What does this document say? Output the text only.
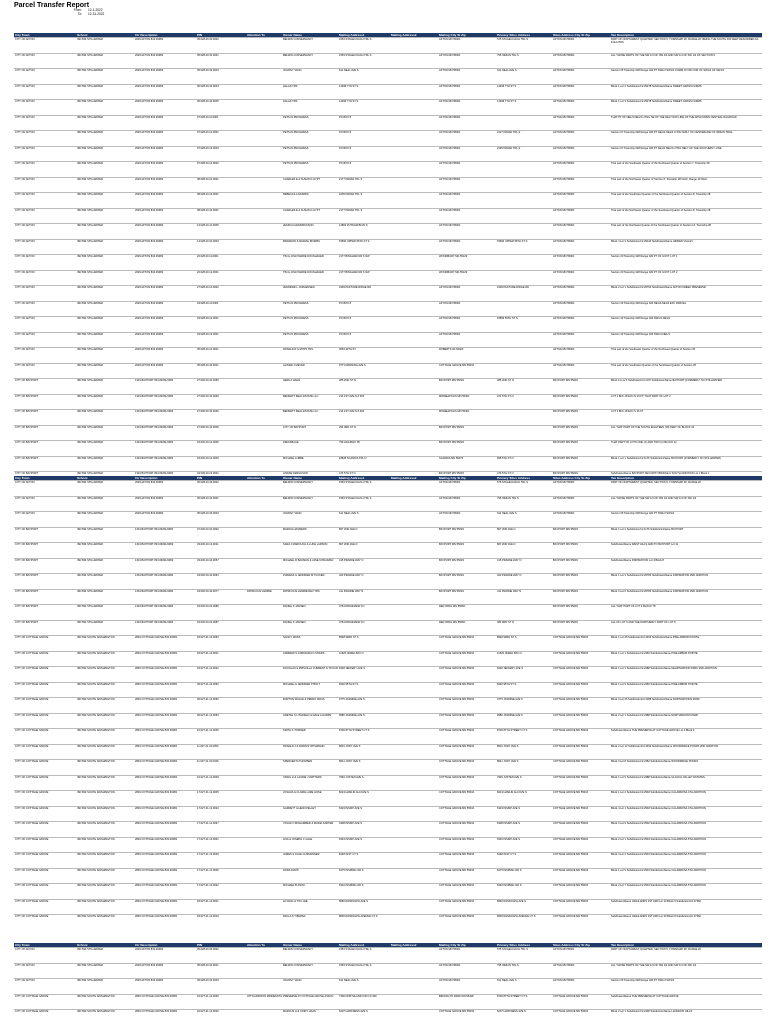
Parcel Transfer Report
From: 12-1-2022
To: 12-31-2022
City Town	School	Ctr Description	PIN	Attention To	Owner Name	Mailing Address1	Mailing Address2	Mailing City St Zip	Primary Situs Address	Situs Address City St Zip	Tax Description
CITY OF AFTON	ISD 834 STILLWATER	2029 AFTON 834 #3483	05.028.20.33.0002		BELWIN CONSERVANCY	1553 STAGECOACH TRL S		AFTON MN 55001	575 STAGECOACH TRL S	AFTON MN 55001	PART OF NORTHWEST QUARTER, SECTION 5, TOWNSHIP 28, RANGE 20; BEING THE SOUTH 330 FEET DESCRIBED AS FOLLOWS
CITY OF AFTON	ISD 834 STILLWATER	2029 AFTON 834 #3483	05.028.20.32.0001		BELWIN CONSERVANCY	1553 STAGECOACH TRL S		AFTON MN 55001	795 INDIAN TRL S	AFTON MN 55001	ALL THOSE PARTS OF THE SW 1/4 OF NW 1/4 AND SW 1/4 OF SW 1/4 OF SECTION 5
CITY OF AFTON	ISD 834 STILLWATER	2029 AFTON 834 #3483	05.028.20.33.0003		JOHNNY VANG	611 NEAL AVE S		AFTON MN 55001	611 NEAL AVE S	AFTON MN 55001	Section 05 Township 028 Range 020 PT SW1/4 SW1/4 COMM AT NW COR OF SW1/4 OF SW1/4
CITY OF AFTON	ISD 834 STILLWATER	2029 AFTON 834 #3483	06.028.20.44.0004		HALAS TRS	14936 7TH ST S		AFTON MN 55001	14936 7TH ST S	AFTON MN 55001	Block 1 Lot 2 SubdivisionCd 25278 SubdivisionName SWEET GRASS FARMS
CITY OF AFTON	ISD 834 STILLWATER	2029 AFTON 834 #3483	06.028.20.44.0005		HALAS TRS	14936 7TH ST S		AFTON MN 55001	14936 7TH ST S	AFTON MN 55001	Block 1 Lot 3 SubdivisionCd 25278 SubdivisionName SWEET GRASS FARMS
CITY OF AFTON	ISD 834 STILLWATER	2029 AFTON 834 #3483	07.028.20.11.0001		PETS IN PROGRESS	PO BOX 8		AFTON MN 55001		AFTON MN 55001	THAT PT OF NE1/4-NE1/4 LYING SE OF THE NELY R/W LINE OF THE WISCONSIN CENTRAL RAILROAD
CITY OF AFTON	ISD 834 STILLWATER	2029 AFTON 834 #3483	07.028.20.12.0001		PETS IN PROGRESS	PO BOX 8		AFTON MN 55001	2127 INDIAN TRL S	AFTON MN 55001	Section 07 Township 028 Range 020 PT NE1/4-NE1/4 LYING NWLY OF CENTERLINE OF INDIAN TRAIL
CITY OF AFTON	ISD 834 STILLWATER	2029 AFTON 834 #3483	07.028.20.13.0003		PETS IN PROGRESS	PO BOX 8		AFTON MN 55001	2135 INDIAN TRL S	AFTON MN 55001	Section 07 Township 028 Range 020 PT SE1/4 NE1/4 LYING NELY OF THE SOUTHERLY LINE
CITY OF AFTON	ISD 834 STILLWATER	2029 AFTON 834 #3483	07.028.20.14.0002		PETS IN PROGRESS	PO BOX 8		AFTON MN 55001		AFTON MN 55001	That part of the Southeast Quarter of the Northeast Quarter of Section 7, Township 28
CITY OF AFTON	ISD 834 STILLWATER	2029 AFTON 834 #3483	08.028.20.22.0001		CHARLES E & SUSAN D HYPT	2177 INDIAN TRL S		AFTON MN 55001		AFTON MN 55001	That part of the Northwest Quarter of Section 8, Township 28 North, Range 20 West
CITY OF AFTON	ISD 834 STILLWATER	2029 AFTON 834 #3483	08.028.20.23.0001		REBECCA A MORRIS	2205 INDIAN TRL S		AFTON MN 55001		AFTON MN 55001	That part of the Southwest Quarter of the Northwest Quarter of Section 8, Township 28
CITY OF AFTON	ISD 834 STILLWATER	2029 AFTON 834 #3483	08.028.20.32.0001		CHARLES E & SUSAN D HYPT	2177 INDIAN TRL S		AFTON MN 55001		AFTON MN 55001	That part of the Northwest Quarter of the Southwest Quarter of Section 8, Township 28
CITY OF AFTON	ISD 834 STILLWATER	2029 AFTON 834 #3483	13.028.20.41.0005		JESSICA HENDRICKSON	14802 PUTNAM BLVD S		AFTON MN 55001		AFTON MN 55001	That part of the Northeast Quarter of the Southeast Quarter of Section 13, Township 28
CITY OF AFTON	ISD 834 STILLWATER	2029 AFTON 834 #3483	14.028.20.32.0003		BRANDON & MARIAH BORRIS	15834 UPPER 56TH ST S		AFTON MN 55001	15834 UPPER 56TH ST S	AFTON MN 55001	Block 4 Lot 3 SubdivisionCd 25120 SubdivisionName HIDDEN VALLEY
CITY OF AFTON	ISD 834 STILLWATER	2029 AFTON 834 #3483	20.028.20.11.0001		TIM & JOAN MARIE DOUSHAUER	2177 BINGHAM DR S NW		WOODBURY MN 55129		AFTON MN 55001	Section 20 Township 028 Range 020 PT OF GOVT LOT 1
CITY OF AFTON	ISD 834 STILLWATER	2029 AFTON 834 #3483	20.028.20.12.0001		TIM & JOAN MARIE DOUSHAUER	2177 BINGHAM DR S NW		WOODBURY MN 55129		AFTON MN 55001	Section 20 Township 028 Range 020 PT OF GOVT LOT 2
CITY OF AFTON	ISD 834 STILLWATER	2029 AFTON 834 #3483	27.028.20.14.0002		JENNIFER L JORGENSEN	1939 PASTURE RIDGE RD		AFTON MN 55001	1939 PASTURE RIDGE RD	AFTON MN 55001	Block 2 Lot 1 SubdivisionCd 25794 SubdivisionName AFTON CREEK PRESERVE
CITY OF AFTON	ISD 834 STILLWATER	2029 AFTON 834 #3483	33.028.20.11.0001		PETS IN PROGRESS	PO BOX 8		AFTON MN 55001		AFTON MN 55001	Section 33 Township 028 Range 020 NE1/4-NE1/4 EXC PARCEL
CITY OF AFTON	ISD 834 STILLWATER	2029 AFTON 834 #3483	33.028.20.12.0001		PETS IN PROGRESS	PO BOX 8		AFTON MN 55001	15853 50TH ST S	AFTON MN 55001	Section 33 Township 028 Range 020 NW1/4-NE1/4
CITY OF AFTON	ISD 834 STILLWATER	2029 AFTON 834 #3483	33.028.20.13.0001		PETS IN PROGRESS	PO BOX 8		AFTON MN 55001		AFTON MN 55001	Section 33 Township 028 Range 020 SW1/4-NE1/4
CITY OF AFTON	ISD 834 STILLWATER	2029 AFTON 834 #3483	35.028.20.14.0001		RONALD R & MYRS TRS	3653 40TH ST		ROBERTS WI 54023		AFTON MN 55001	That part of the Southeast Quarter of the Northeast Quarter of Section 35
CITY OF AFTON	ISD 834 STILLWATER	2029 AFTON 834 #3483	35.028.20.43.0001		ALISSIE J MEYER	9771 MANNING AVE S		COTTAGE GROVE MN 55016		AFTON MN 55001	That part of the Southwest Quarter of the Southeast Quarter of Section 35
CITY OF BAYPORT	ISD 834 STILLWATER	1301 BAYPORT 834 #3001/3483	27.030.20.34.0055		HEIDI A HAHN	285 2ND ST N		BAYPORT MN 55003	285 2ND ST N	BAYPORT MN 55003	Block 11 Lot 5 SubdivisionCd 1176 SubdivisionName BAYPORT (FORMERLY SO STILLWATER)
CITY OF BAYPORT	ISD 834 STILLWATER	1301 BAYPORT 834 #3001/3483	27.030.20.43.0045		BENNETT REAL ESTATE LLC	214 1ST AVE N # 300		MINNEAPOLIS MN 55401	151 5TH ST N	BAYPORT MN 55003	LOT 1 BLK 18 EXC N 16 FT; THAT PART OF LOT 2
CITY OF BAYPORT	ISD 834 STILLWATER	1301 BAYPORT 834 #3001/3483	27.030.20.43.0046		BENNETT REAL ESTATE LLC	214 1ST AVE N # 300		MINNEAPOLIS MN 55401		BAYPORT MN 55003	LOT 3 BLK 18 EXC S 16 FT
CITY OF BAYPORT	ISD 834 STILLWATER	1301 BAYPORT 834 #3001/3483	27.030.20.44.0006		CITY OF BAYPORT	294 3RD ST N		BAYPORT MN 55003		BAYPORT MN 55003	ALL THAT PART OF THE SOUTH EIGHTEEN (18) FEET OF BLOCK 19
CITY OF BAYPORT	ISD 834 STILLWATER	1301 BAYPORT 834 #3001/3483	34.030.20.12.0006		ZZECKBAUE	799 HIGHWAY 95		BAYPORT MN 55003		BAYPORT MN 55003	THAT PART OF LOTS ONE (1) AND TWO (2) BLOCK 12
CITY OF BAYPORT	ISD 834 STILLWATER	1301 BAYPORT 834 #3001/3483	34.030.20.12.0009		MICHAEL LUBBE	18845 SCANDIA TRL N		SCANDIA MN 55073	835 5TH ST N	BAYPORT MN 55003	Block 1 Lot 1 SubdivisionCd 1176 SubdivisionName BAYPORT (FORMERLY SO STILLWATER)
CITY OF BAYPORT	ISD 834 STILLWATER	1301 BAYPORT 834 #3001/3483	34.030.20.22.0001		LINDSE FERGUSON	476 5TH ST N		BAYPORT MN 55003	476 5TH ST N	BAYPORT MN 55003	SubdivisionName BAYPORT SECURITY BRIDGE & SOUTH ADDITION Lot 1 Block 1
City Town	School	Ctr Description	PIN	Attention To	Owner Name	Mailing Address1	Mailing Address2	Mailing City St Zip	Primary Situs Address	Situs Address City St Zip	Tax Description
CITY OF AFTON	ISD 834 STILLWATER	2029 AFTON 834 #3483	05.028.20.33.0002		BELWIN CONSERVANCY	1553 STAGECOACH TRL S		AFTON MN 55001	575 STAGECOACH TRL S	AFTON MN 55001	PART OF NORTHWEST QUARTER, SECTION 5, TOWNSHIP 28, RANGE 20
CITY OF AFTON	ISD 834 STILLWATER	2029 AFTON 834 #3483	05.028.20.32.0001		BELWIN CONSERVANCY	1553 STAGECOACH TRL S		AFTON MN 55001	795 INDIAN TRL S	AFTON MN 55001	ALL THOSE PARTS OF THE SW 1/4 OF NW 1/4 AND SW 1/4 OF SW 1/4
CITY OF AFTON	ISD 834 STILLWATER	2029 AFTON 834 #3483	05.028.20.33.0003		JOHNNY VANG	611 NEAL AVE S		AFTON MN 55001	611 NEAL AVE S	AFTON MN 55001	Section 05 Township 028 Range 020 PT SW1/4 SW1/4
CITY OF BAYPORT	ISD 834 STILLWATER	1301 BAYPORT 834 #3001/3483	27.030.20.32.0002		MARCIA HAUMERS	867 2ND AVE N		BAYPORT MN 55003	867 2ND AVE N	BAYPORT MN 55003	Block 1 Lot 2 SubdivisionCd 1176 SubdivisionName BAYPORT
CITY OF BAYPORT	ISD 834 STILLWATER	1301 BAYPORT 834 #3001/3483	33.030.20.14.0011		SARA J MAROUCH & LUKE LARSON	807 2ND AVE N		BAYPORT MN 55003	807 2ND AVE N	BAYPORT MN 55003	SubdivisionName WEST HILLS ADD TO BAYPORT Lot 11
CITY OF BAYPORT	ISD 834 STILLWATER	1301 BAYPORT 834 #3001/3483	33.030.20.44.0057		MICHAEL R BAUMAN & JANE M BAUMAN	415 PRAIRIE WAY N		BAYPORT MN 55003	415 PRAIRIE WAY N	BAYPORT MN 55003	SubdivisionName INSPIRATION Lot 3 Block 8
CITY OF BAYPORT	ISD 834 STILLWATER	1301 BAYPORT 834 #3001/3483	33.030.20.44.0063		PHINEAS & JENNIFER M TUCKER	423 PRAIRIE WAY N		BAYPORT MN 55003	423 PRAIRIE WAY N	BAYPORT MN 55003	Block 1 Lot 3 SubdivisionCd 25783 SubdivisionName INSPIRATION 2ND ADDITION
CITY OF BAYPORT	ISD 834 STILLWATER	1301 BAYPORT 834 #3001/3483	33.030.20.44.0077	PATRICIA M LEMIRE	PATRICIA M LEMIRE REV TRS	411 PRAIRIE WAY N		BAYPORT MN 55003	411 PRAIRIE WAY N	BAYPORT MN 55003	Block 3 Lot 6 SubdivisionCd 25783 SubdivisionName INSPIRATION 2ND ADDITION
CITY OF BAYPORT	ISD 834 STILLWATER	1301 BAYPORT 834 #3001/3483	34.030.20.22.0086		DANIEL F JANSEN	3754 RIDGEVIEW LN		RED WING MN 55066		BAYPORT MN 55003	ALL THAT PART OF LOT 4 BLOCK 78
CITY OF BAYPORT	ISD 834 STILLWATER	1301 BAYPORT 834 #3001/3483	34.030.20.22.0087		DANIEL F JANSEN	3754 RIDGEVIEW LN		RED WING MN 55066	383 3RD ST N	BAYPORT MN 55003	ALL OF LOT 6 AND THE NORTHERLY PART OF LOT 5
CITY OF COTTAGE GROVE	ISD 833 SOUTH WASHINGTON	2804 COTTAGE GROVE 833 #3483	03.027.21.13.0063		NANCY MOSS	8548 93RD ST S		COTTAGE GROVE MN 55016	8548 93RD ST S	COTTAGE GROVE MN 55016	Block 1 Lot 28 SubdivisionCd 2466 SubdivisionName PINE ARBOR POINTE
CITY OF COTTAGE GROVE	ISD 833 SOUTH WASHINGTON	2804 COTTAGE GROVE 833 #3483	03.027.21.14.0001		ANDREW G & BRIANNA N STIERS	11526 JEWEL BAY N		COTTAGE GROVE MN 55016	11526 JEWEL BAY N	COTTAGE GROVE MN 55016	Block 1 Lot 1 SubdivisionCd 2466 SubdivisionName PINE ARBOR POINTE
CITY OF COTTAGE GROVE	ISD 833 SOUTH WASHINGTON	2804 COTTAGE GROVE 833 #3483	03.027.21.14.0042		DOUGLAS & PRISCILLA CURRENT & TAYLOR	8148 JEFFERY AVE S		COTTAGE GROVE MN 55016	8148 JEFFERY AVE S	COTTAGE GROVE MN 55016	Block 1 Lot 3 SubdivisionCd 2488 SubdivisionName HEARTHWOOD PARK 2ND ADDITION
CITY OF COTTAGE GROVE	ISD 833 SOUTH WASHINGTON	2804 COTTAGE GROVE 833 #3483	05.027.21.24.0052		MICHAEL & JENNIFER P BOLT	8402 95TH ST S		COTTAGE GROVE MN 55016	8402 95TH ST S	COTTAGE GROVE MN 55016	Block 1 Lot 6 SubdivisionCd 2466 SubdivisionName PINE ARBOR POINTE
CITY OF COTTAGE GROVE	ISD 833 SOUTH WASHINGTON	2804 COTTAGE GROVE 833 #3483	06.027.21.14.0052		BURTON WOLFE & PEDRO FRIAS	9775 JASMINE AVE S		COTTAGE GROVE MN 55016	9775 JASMINE AVE S	COTTAGE GROVE MN 55016	Block 3 Lot 26 SubdivisionCd 2388 SubdivisionName NORTHWOODS PARK
CITY OF COTTAGE GROVE	ISD 833 SOUTH WASHINGTON	2804 COTTAGE GROVE 833 #3483	06.027.21.14.0053		GRETEL S LITHFIELD & DALE A HARPE	9980 JASMINE AVE S		COTTAGE GROVE MN 55016	9980 JASMINE AVE S	COTTAGE GROVE MN 55016	Block 2 Lot 1 SubdivisionCd 2388 SubdivisionName NORTHWOODS PARK
CITY OF COTTAGE GROVE	ISD 833 SOUTH WASHINGTON	2804 COTTAGE GROVE 833 #3483	10.027.21.14.0045		SMITH K TOWNER	8700 87TH STREET CT S		COTTAGE GROVE MN 55016	8700 87TH STREET CT S	COTTAGE GROVE MN 55016	SubdivisionName THE PRESERVE AT COTTAGE GROVE Lot 2 Block 3
CITY OF COTTAGE GROVE	ISD 833 SOUTH WASHINGTON	2804 COTTAGE GROVE 833 #3483	11.027.21.31.0054		RONALD J & DAWN R WITHMANN	8501 JODY AVE S		COTTAGE GROVE MN 55016	8501 JODY AVE S	COTTAGE GROVE MN 55016	Block 2 Lot 12 SubdivisionCd 2452 SubdivisionName WOODRIDGE PONDS 2ND ADDITION
CITY OF COTTAGE GROVE	ISD 833 SOUTH WASHINGTON	2804 COTTAGE GROVE 833 #3483	11.027.21.31.0046		SPENCER M THOMSEN	8641 JODY AVE S		COTTAGE GROVE MN 55016	8641 JODY AVE S	COTTAGE GROVE MN 55016	Block 3 Lot 8 SubdivisionCd 2452 SubdivisionName WOODRIDGE PONDS
CITY OF COTTAGE GROVE	ISD 833 SOUTH WASHINGTON	2804 COTTAGE GROVE 833 #3483	16.027.21.14.0009		CRAIG H & LAURIE J WATTERS	7993 JUSTEN AVE S		COTTAGE GROVE MN 55016	7993 JUSTEN AVE S	COTTAGE GROVE MN 55016	Block 1 Lot 5 SubdivisionCd 2388 SubdivisionName GLACIAL VALLEY ESTATES
CITY OF COTTAGE GROVE	ISD 833 SOUTH WASHINGTON	2804 COTTAGE GROVE 833 #3483	17.027.21.12.0005		JOSHUA & CLAIRE LARE HOSE	8213 HAMLIN ALCOVE S		COTTAGE GROVE MN 55016	8213 HAMLIN ALCOVE S	COTTAGE GROVE MN 55016	Block 1 Lot 2 SubdivisionCd 2502 SubdivisionName CALARROSA 4TH ADDITION
CITY OF COTTAGE GROVE	ISD 833 SOUTH WASHINGTON	2804 COTTAGE GROVE 833 #3483	17.027.21.12.0023		GARRETT & HEIDI PELLET	6323 INSKIP AVE S		COTTAGE GROVE MN 55016	6323 INSKIP AVE S	COTTAGE GROVE MN 55016	Block 4 Lot 1 SubdivisionCd 2502 SubdivisionName CALARROSA 4TH ADDITION
CITY OF COTTAGE GROVE	ISD 833 SOUTH WASHINGTON	2804 COTTAGE GROVE 833 #3483	17.027.21.12.0037		YASAD O MOHAMMED & MARIA KARTER	6308 INSKIP AVE S		COTTAGE GROVE MN 55016	6308 INSKIP AVE S	COTTAGE GROVE MN 55016	Block 3 Lot 9 SubdivisionCd 2502 SubdivisionName CALARROSA 4TH ADDITION
CITY OF COTTAGE GROVE	ISD 833 SOUTH WASHINGTON	2804 COTTAGE GROVE 833 #3483	17.027.21.13.0001		LISA & JOSEPH C GALE	6391 INSKIP AVE S		COTTAGE GROVE MN 55016	6391 INSKIP AVE S	COTTAGE GROVE MN 55016	Block 2 Lot 1 SubdivisionCd 2504 SubdivisionName CALARROSA 5TH ADDITION
CITY OF COTTAGE GROVE	ISD 833 SOUTH WASHINGTON	2804 COTTAGE GROVE 833 #3483	17.027.21.13.0045		JAMES & JULIE GUSMANNER	6248 61ST CT S		COTTAGE GROVE MN 55016	6248 61ST CT S	COTTAGE GROVE MN 55016	Block 4 Lot 2 SubdivisionCd 2504 SubdivisionName CALARROSA 5TH ADDITION
CITY OF COTTAGE GROVE	ISD 833 SOUTH WASHINGTON	2804 COTTAGE GROVE 833 #3483	17.027.21.14.0006		NORA DAVIS	6275 INSPIRE CIR S		COTTAGE GROVE MN 55016	6275 INSPIRE CIR S	COTTAGE GROVE MN 55016	Block 1 Lot 5 SubdivisionCd 2504 SubdivisionName CALARROSA 5TH ADDITION
CITY OF COTTAGE GROVE	ISD 833 SOUTH WASHINGTON	2804 COTTAGE GROVE 833 #3483	17.027.21.14.0022		MICHAEL B ANITA	6332 INSPIRE CIR S		COTTAGE GROVE MN 55016	6332 INSPIRE CIR S	COTTAGE GROVE MN 55016	Block 2 Lot 7 SubdivisionCd 2504 SubdivisionName CALARROSA 5TH ADDITION
CITY OF COTTAGE GROVE	ISD 833 SOUTH WASHINGTON	2804 COTTAGE GROVE 833 #3483	18.027.21.14.0001		HI VANG & TOU LEE	8660 RANDOLPH AVE S		COTTAGE GROVE MN 55016	8660 RANDOLPH AVE S	COTTAGE GROVE MN 55016	SubdivisionName HIGHLANDS 1ST ADD Lot 10 Block 9 SubdivisionCd 27360
CITY OF COTTAGE GROVE	ISD 833 SOUTH WASHINGTON	2804 COTTAGE GROVE 833 #3483	18.027.21.14.0010		PAULA S T BERNA	8530 RANDOLPH AVENUE CT S		COTTAGE GROVE MN 55016	8530 RANDOLPH AVENUE CT S	COTTAGE GROVE MN 55016	SubdivisionName HIGHLANDS 1ST ADD Lot 20 Block 8 SubdivisionCd 27360
City Town	School	Ctr Description	PIN	Attention To	Owner Name	Mailing Address1	Mailing Address2	Mailing City St Zip	Primary Situs Address	Situs Address City St Zip	Tax Description
CITY OF AFTON	ISD 834 STILLWATER	2029 AFTON 834 #3483	05.028.20.33.0002		BELWIN CONSERVANCY	1553 STAGECOACH TRL S		AFTON MN 55001	575 STAGECOACH TRL S	AFTON MN 55001	PART OF NORTHWEST QUARTER, SECTION 5, TOWNSHIP 28, RANGE 20
CITY OF AFTON	ISD 834 STILLWATER	2029 AFTON 834 #3483	05.028.20.32.0001		BELWIN CONSERVANCY	1553 STAGECOACH TRL S		AFTON MN 55001	795 INDIAN TRL S	AFTON MN 55001	ALL THOSE PARTS OF THE SW 1/4 OF NW 1/4 AND SW 1/4 OF SW 1/4
CITY OF AFTON	ISD 834 STILLWATER	2029 AFTON 834 #3483	05.028.20.33.0003		JOHNNY VANG	611 NEAL AVE S		AFTON MN 55001	611 NEAL AVE S	AFTON MN 55001	Section 05 Township 028 Range 020 PT SW1/4 SW1/4
CITY OF COTTAGE GROVE	ISD 833 SOUTH WASHINGTON	2804 COTTAGE GROVE 833 #3483	22.027.21.12.0046	ATTN ADDISON MINNESOTA	PRESERVE AT COTTAGE GROVE ASSOC	7300 NORTHLAND CIR N # 300		BROOKLYN PARK MN 55428	8700 87TH STREET CT S	COTTAGE GROVE MN 55016	SubdivisionName THE PRESERVE AT COTTAGE GROVE
CITY OF COTTAGE GROVE	ISD 833 SOUTH WASHINGTON	2804 COTTAGE GROVE 833 #3483	22.027.21.13.0002		MARCUS H & CINDY HAAS	6207 HARKNESS AVE S		COTTAGE GROVE MN 55016	6207 HARKNESS AVE S	COTTAGE GROVE MN 55016	Block 2 Lot 1 SubdivisionCd 2400 SubdivisionName LANGDON HILLS
